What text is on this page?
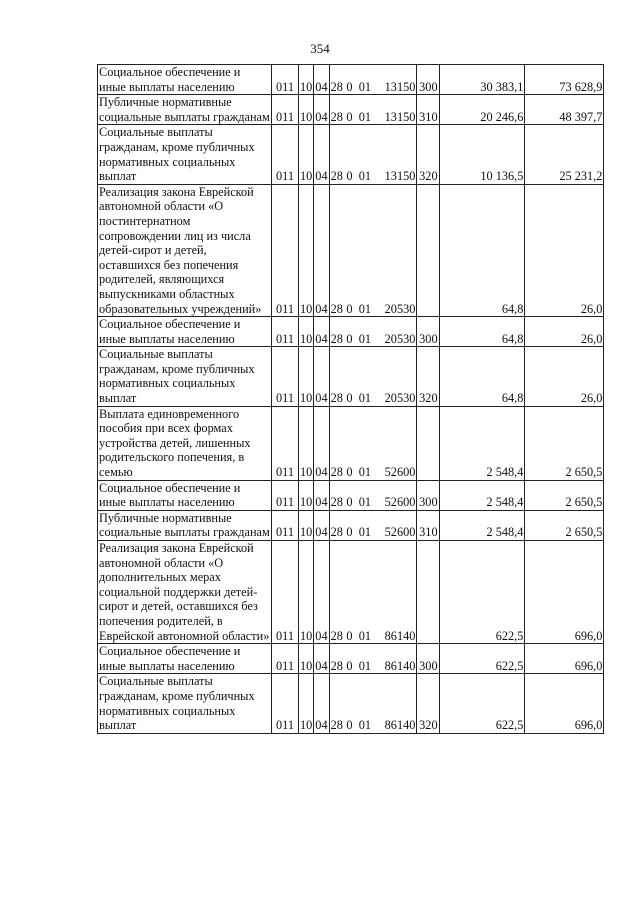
354
Социальное обеспечение и иные выплаты населению	011	10	04	28	0	01	13150	300	30 383,1	73 628,9
Публичные нормативные социальные выплаты гражданам	011	10	04	28	0	01	13150	310	20 246,6	48 397,7
Социальные выплаты гражданам, кроме публичных нормативных социальных выплат	011	10	04	28	0	01	13150	320	10 136,5	25 231,2
Реализация закона Еврейской автономной области «О постинтернатном сопровождении лиц из числа детей-сирот и детей, оставшихся без попечения родителей, являющихся выпускниками областных образовательных учреждений»	011	10	04	28	0	01	20530		64,8	26,0
Социальное обеспечение и иные выплаты населению	011	10	04	28	0	01	20530	300	64,8	26,0
Социальные выплаты гражданам, кроме публичных нормативных социальных выплат	011	10	04	28	0	01	20530	320	64,8	26,0
Выплата единовременного пособия при всех формах устройства детей, лишенных родительского попечения, в семью	011	10	04	28	0	01	52600		2 548,4	2 650,5
Социальное обеспечение и иные выплаты населению	011	10	04	28	0	01	52600	300	2 548,4	2 650,5
Публичные нормативные социальные выплаты гражданам	011	10	04	28	0	01	52600	310	2 548,4	2 650,5
Реализация закона Еврейской автономной области «О дополнительных мерах социальной поддержки детей-сирот и детей, оставшихся без попечения родителей, в Еврейской автономной области»	011	10	04	28	0	01	86140		622,5	696,0
Социальное обеспечение и иные выплаты населению	011	10	04	28	0	01	86140	300	622,5	696,0
Социальные выплаты гражданам, кроме публичных нормативных социальных выплат	011	10	04	28	0	01	86140	320	622,5	696,0
